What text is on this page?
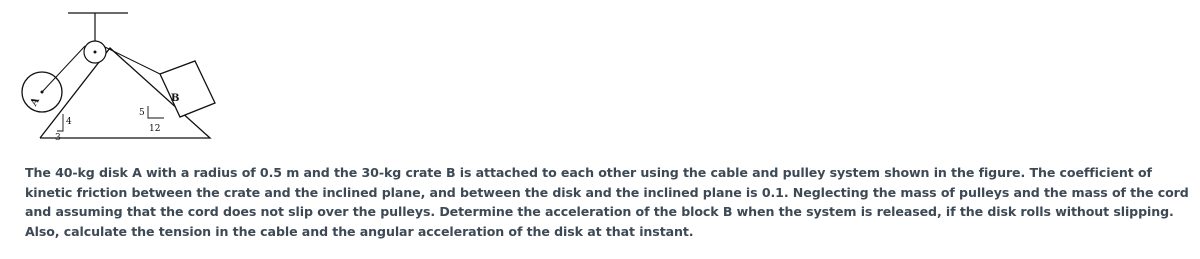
A	B
4
3
5
12

The 40-kg disk A with a radius of 0.5 m and the 30-kg crate B is attached to each other using the cable and pulley system shown in the figure. The coefficient of kinetic friction between the crate and the inclined plane, and between the disk and the inclined plane is 0.1. Neglecting the mass of pulleys and the mass of the cord and assuming that the cord does not slip over the pulleys. Determine the acceleration of the block B when the system is released, if the disk rolls without slipping. Also, calculate the tension in the cable and the angular acceleration of the disk at that instant.
